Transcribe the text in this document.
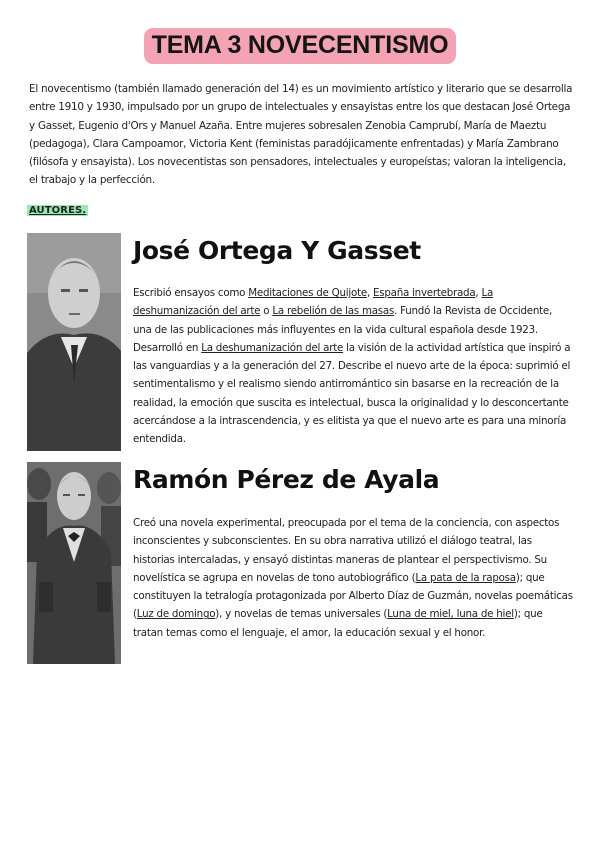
TEMA 3 NOVECENTISMO
El novecentismo (también llamado generación del 14) es un movimiento artístico y literario que se desarrolla entre 1910 y 1930, impulsado por un grupo de intelectuales y ensayistas entre los que destacan José Ortega y Gasset, Eugenio d'Ors y Manuel Azaña. Entre mujeres sobresalen Zenobia Camprubí, María de Maeztu (pedagoga), Clara Campoamor, Victoria Kent (feministas paradójicamente enfrentadas) y María Zambrano (filósofa y ensayista). Los novecentistas son pensadores, intelectuales y europeístas; valoran la inteligencia, el trabajo y la perfección.
AUTORES.
José Ortega Y Gasset
Escribió ensayos como Meditaciones de Quijote, España invertebrada, La deshumanización del arte o La rebelión de las masas. Fundó la Revista de Occidente, una de las publicaciones más influyentes en la vida cultural española desde 1923. Desarrolló en La deshumanización del arte la visión de la actividad artística que inspiró a las vanguardias y a la generación del 27. Describe el nuevo arte de la época: suprimió el sentimentalismo y el realismo siendo antirromántico sin basarse en la recreación de la realidad, la emoción que suscita es intelectual, busca la originalidad y lo desconcertante acercándose a la intrascendencia, y es elitista ya que el nuevo arte es para una minoría entendida.
Ramón Pérez de Ayala
Creó una novela experimental, preocupada por el tema de la conciencia, con aspectos inconscientes y subconscientes. En su obra narrativa utilizó el diálogo teatral, las historias intercaladas, y ensayó distintas maneras de plantear el perspectivismo. Su novelística se agrupa en novelas de tono autobiográfico (La pata de la raposa); que constituyen la tetralogía protagonizada por Alberto Díaz de Guzmán, novelas poemáticas (Luz de domingo), y novelas de temas universales (Luna de miel, luna de hiel); que tratan temas como el lenguaje, el amor, la educación sexual y el honor.
